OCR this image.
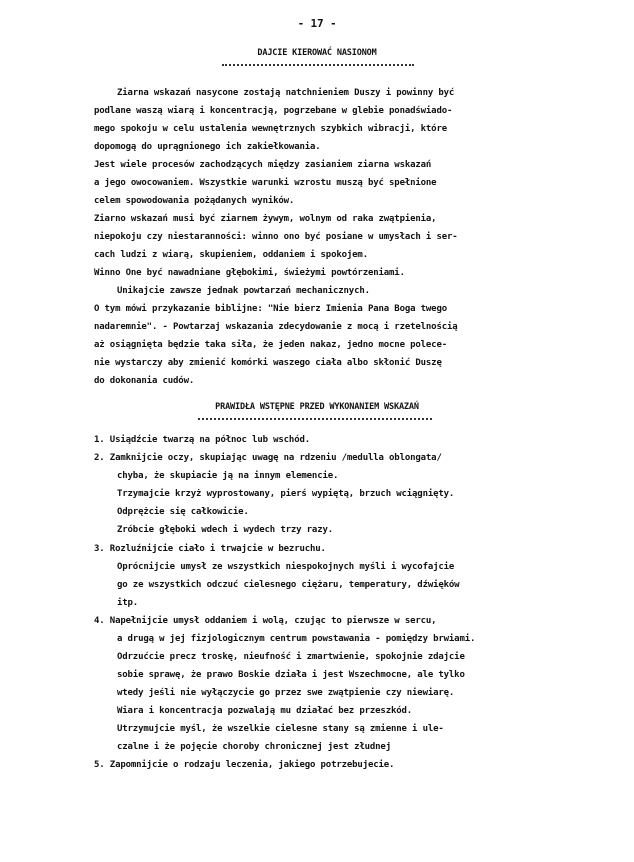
- 17 -
DAJCIE KIEROWAĆ NASIONOM
Ziarna wskazań nasycone zostają natchnieniem Duszy i powinny być
podlane waszą wiarą i koncentracją, pogrzebane w glebie ponadświado-
mego spokoju w celu ustalenia wewnętrznych szybkich wibracji, które
dopomogą do uprągnionego ich zakiełkowania.
Jest wiele procesów zachodzących między zasianiem ziarna wskazań
a jego owocowaniem. Wszystkie warunki wzrostu muszą być spełnione
celem spowodowania pożądanych wyników.
Ziarno wskazań musi być ziarnem żywym, wolnym od rakа zwątpienia,
niepokoju czy niestaranności: winno ono być posiane w umysłach i ser-
cach ludzi z wiarą, skupieniem, oddaniem i spokojem.
Winno One być nawadniane głębokimi, świeżymi powtórzeniami.
Unikajcie zawsze jednak powtarzań mechanicznych.
O tym mówi przykazanie biblijne: "Nie bierz Imienia Pana Boga twego
nadaremnie". - Powtarzaj wskazania zdecydowanie z mocą i rzetelnością
aż osiągnięta będzie taka siła, że jeden nakaz, jedno mocne polece-
nie wystarczy aby zmienić komórki waszego ciała albo skłonić Duszę
do dokonania cudów.
PRAWIDŁA WSTĘPNE PRZED WYKONANIEM WSKAZAŃ
1. Usiądźcie twarzą na północ lub wschód.
2. Zamknijcie oczy, skupiając uwagę na rdzeniu /medulla oblongata/
chyba, że skupiacie ją na innym elemencie.
Trzymajcie krzyż wyprostowany, pierś wypiętą, brzuch wciągnięty.
Odprężcie się całkowicie.
Zróbcie głęboki wdech i wydech trzy razy.
3. Rozluźnijcie ciało i trwajcie w bezruchu.
Oprócnijcie umysł ze wszystkich niespokojnych myśli i wycofajcie
go ze wszystkich odczuć cielesnego ciężaru, temperatury, dźwięków
itp.
4. Napełnijcie umysł oddaniem i wolą, czując to pierwsze w sercu,
a drugą w jej fizjologicznym centrum powstawania - pomiędzy brwiami.
Odrzućcie precz troskę, nieufność i zmartwienie, spokojnie zdajcie
sobie sprawę, że prawo Boskie działa i jest Wszechmocne, ale tylko
wtedy jeśli nie wyłączycie go przez swe zwątpienie czy niewiarę.
Wiara i koncentracja pozwalają mu działać bez przeszkód.
Utrzymujcie myśl, że wszelkie cielesne stany są zmienne i ule-
czalne i że pojęcie choroby chronicznej jest złudnej
5. Zapomnijcie o rodzaju leczenia, jakiego potrzebujecie.
